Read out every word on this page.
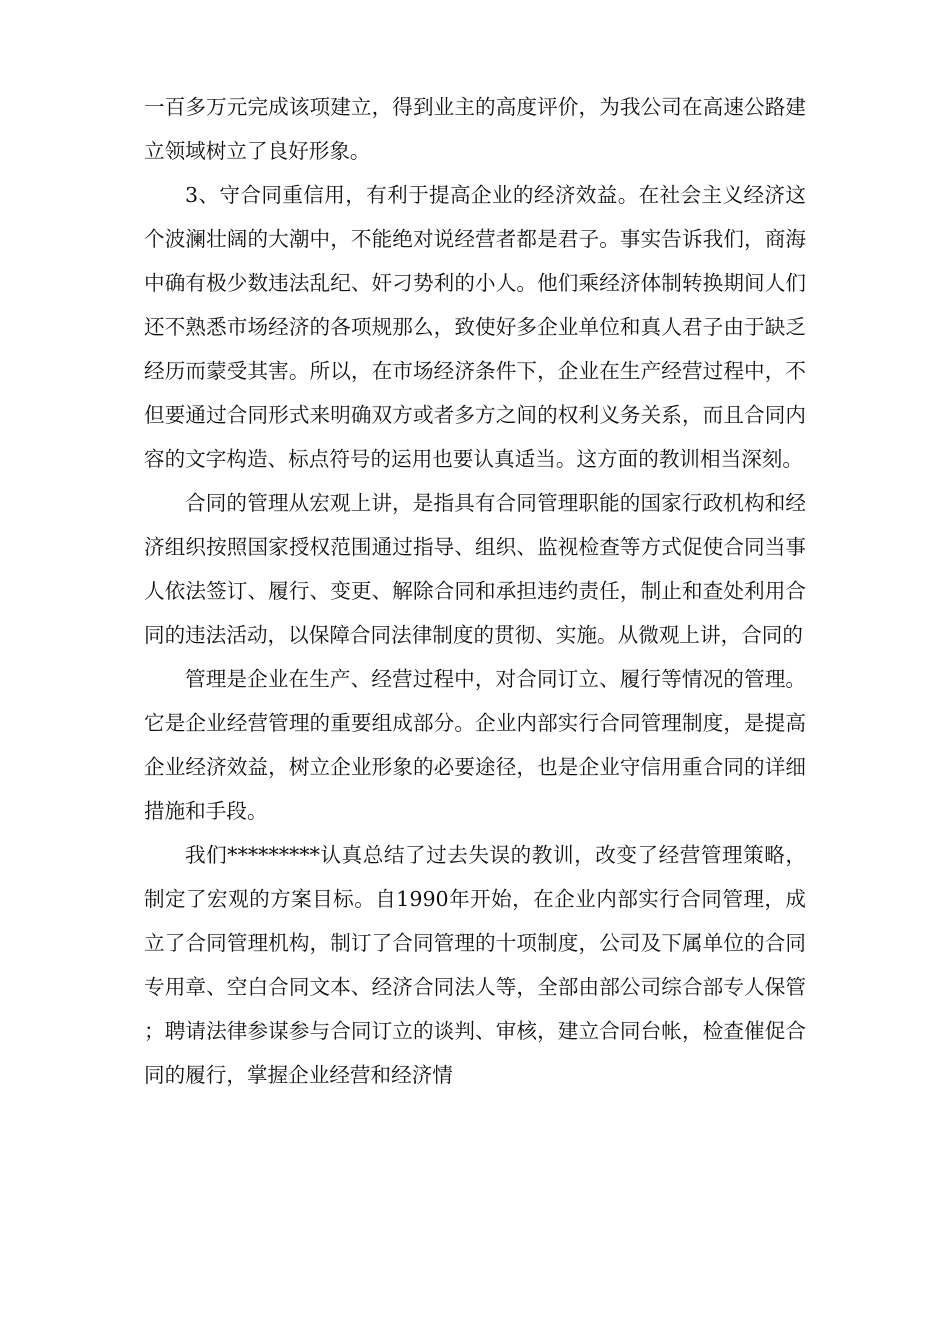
一百多万元完成该项建立，得到业主的高度评价，为我公司在高速公路建立领域树立了良好形象。

3、守合同重信用，有利于提高企业的经济效益。在社会主义经济这个波澜壮阔的大潮中，不能绝对说经营者都是君子。事实告诉我们，商海中确有极少数违法乱纪、奸刁势利的小人。他们乘经济体制转换期间人们还不熟悉市场经济的各项规那么，致使好多企业单位和真人君子由于缺乏经历而蒙受其害。所以，在市场经济条件下，企业在生产经营过程中，不但要通过合同形式来明确双方或者多方之间的权利义务关系，而且合同内容的文字构造、标点符号的运用也要认真适当。这方面的教训相当深刻。

合同的管理从宏观上讲，是指具有合同管理职能的国家行政机构和经济组织按照国家授权范围通过指导、组织、监视检查等方式促使合同当事人依法签订、履行、变更、解除合同和承担违约责任，制止和查处利用合同的违法活动，以保障合同法律制度的贯彻、实施。从微观上讲，合同的

管理是企业在生产、经营过程中，对合同订立、履行等情况的管理。它是企业经营管理的重要组成部分。企业内部实行合同管理制度，是提高企业经济效益，树立企业形象的必要途径，也是企业守信用重合同的详细措施和手段。

我们*********认真总结了过去失误的教训，改变了经营管理策略，制定了宏观的方案目标。自1990年开始，在企业内部实行合同管理，成立了合同管理机构，制订了合同管理的十项制度，公司及下属单位的合同专用章、空白合同文本、经济合同法人等，全部由部公司综合部专人保管；聘请法律参谋参与合同订立的谈判、审核，建立合同台帐，检查催促合同的履行，掌握企业经营和经济情
